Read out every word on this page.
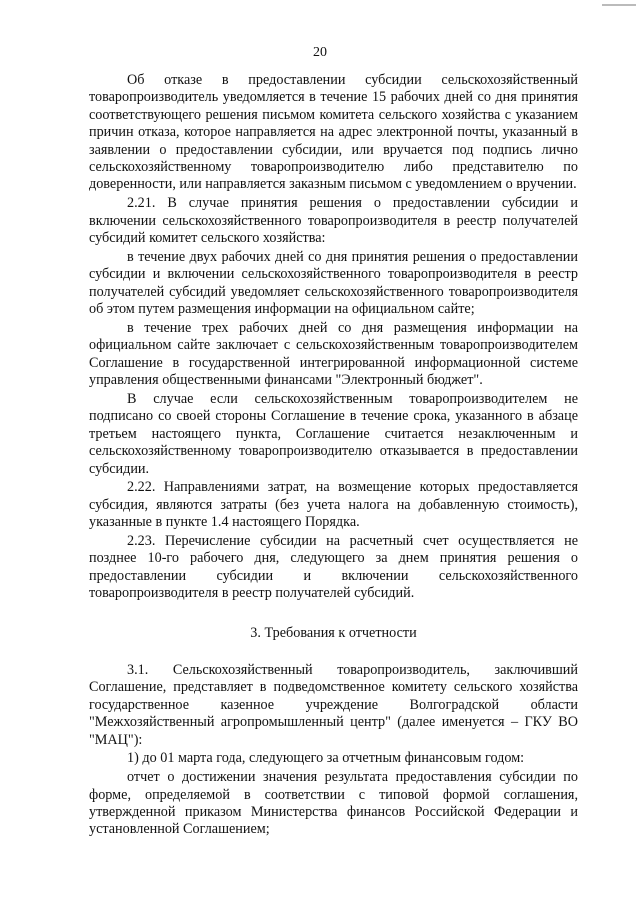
20

Об отказе в предоставлении субсидии сельскохозяйственный товаропроизводитель уведомляется в течение 15 рабочих дней со дня принятия соответствующего решения письмом комитета сельского хозяйства с указанием причин отказа, которое направляется на адрес электронной почты, указанный в заявлении о предоставлении субсидии, или вручается под подпись лично сельскохозяйственному товаропроизводителю либо представителю по доверенности, или направляется заказным письмом с уведомлением о вручении.

2.21. В случае принятия решения о предоставлении субсидии и включении сельскохозяйственного товаропроизводителя в реестр получателей субсидий комитет сельского хозяйства:

в течение двух рабочих дней со дня принятия решения о предоставлении субсидии и включении сельскохозяйственного товаропроизводителя в реестр получателей субсидий уведомляет сельскохозяйственного товаропроизводителя об этом путем размещения информации на официальном сайте;

в течение трех рабочих дней со дня размещения информации на официальном сайте заключает с сельскохозяйственным товаропроизводителем Соглашение в государственной интегрированной информационной системе управления общественными финансами "Электронный бюджет".

В случае если сельскохозяйственным товаропроизводителем не подписано со своей стороны Соглашение в течение срока, указанного в абзаце третьем настоящего пункта, Соглашение считается незаключенным и сельскохозяйственному товаропроизводителю отказывается в предоставлении субсидии.

2.22. Направлениями затрат, на возмещение которых предоставляется субсидия, являются затраты (без учета налога на добавленную стоимость), указанные в пункте 1.4 настоящего Порядка.

2.23. Перечисление субсидии на расчетный счет осуществляется не позднее 10-го рабочего дня, следующего за днем принятия решения о предоставлении субсидии и включении сельскохозяйственного товаропроизводителя в реестр получателей субсидий.

3. Требования к отчетности

3.1. Сельскохозяйственный товаропроизводитель, заключивший Соглашение, представляет в подведомственное комитету сельского хозяйства государственное казенное учреждение Волгоградской области "Межхозяйственный агропромышленный центр" (далее именуется – ГКУ ВО "МАЦ"):

1) до 01 марта года, следующего за отчетным финансовым годом:

отчет о достижении значения результата предоставления субсидии по форме, определяемой в соответствии с типовой формой соглашения, утвержденной приказом Министерства финансов Российской Федерации и установленной Соглашением;
